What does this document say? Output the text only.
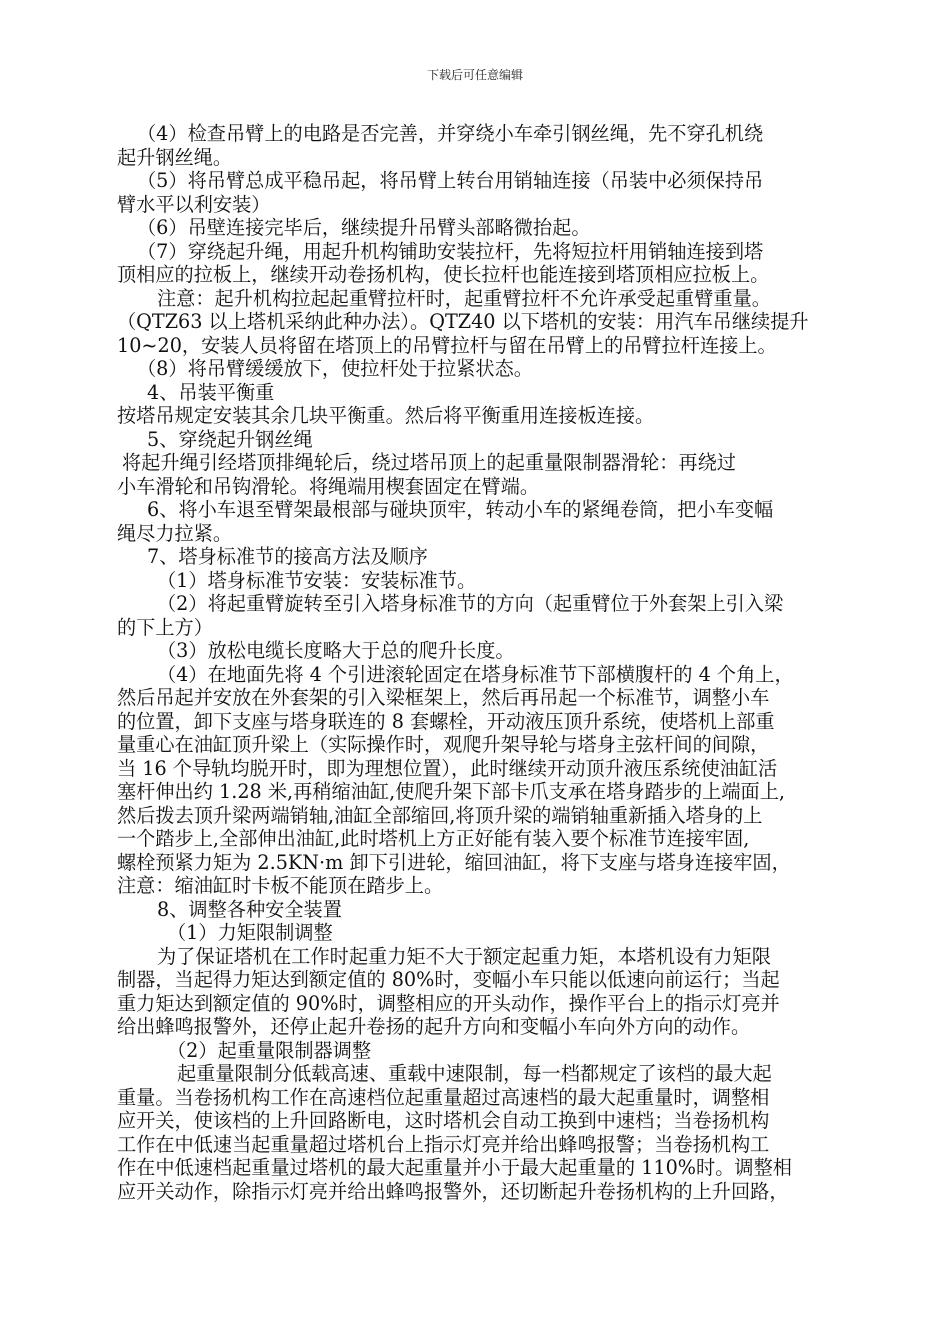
下载后可任意编辑
（4）检查吊臂上的电路是否完善，并穿绕小车牵引钢丝绳，先不穿孔机绕
起升钢丝绳。
（5）将吊臂总成平稳吊起，将吊臂上转台用销轴连接（吊装中必须保持吊
臂水平以利安装）
（6）吊壁连接完毕后，继续提升吊臂头部略微抬起。
（7）穿绕起升绳，用起升机构铺助安装拉杆，先将短拉杆用销轴连接到塔
顶相应的拉板上，继续开动卷扬机构，使长拉杆也能连接到塔顶相应拉板上。
注意：起升机构拉起起重臂拉杆时，起重臂拉杆不允许承受起重臂重量。
（QTZ63 以上塔机采纳此种办法）。QTZ40 以下塔机的安装：用汽车吊继续提升
10~20，安装人员将留在塔顶上的吊臂拉杆与留在吊臂上的吊臂拉杆连接上。
（8）将吊臂缓缓放下，使拉杆处于拉紧状态。
4、吊装平衡重
按塔吊规定安装其余几块平衡重。然后将平衡重用连接板连接。
5、穿绕起升钢丝绳
将起升绳引经塔顶排绳轮后，绕过塔吊顶上的起重量限制器滑轮：再绕过
小车滑轮和吊钩滑轮。将绳端用楔套固定在臂端。
6、将小车退至臂架最根部与碰块顶牢，转动小车的紧绳卷筒，把小车变幅
绳尽力拉紧。
7、塔身标准节的接高方法及顺序
（1）塔身标准节安装：安装标准节。
（2）将起重臂旋转至引入塔身标准节的方向（起重臂位于外套架上引入梁
的下上方）
（3）放松电缆长度略大于总的爬升长度。
（4）在地面先将 4 个引进滚轮固定在塔身标准节下部横腹杆的 4 个角上，
然后吊起并安放在外套架的引入梁框架上，然后再吊起一个标准节，调整小车
的位置，卸下支座与塔身联连的 8 套螺栓，开动液压顶升系统，使塔机上部重
量重心在油缸顶升梁上（实际操作时，观爬升架导轮与塔身主弦杆间的间隙，
当 16 个导轨均脱开时，即为理想位置），此时继续开动顶升液压系统使油缸活
塞杆伸出约 1.28 米,再稍缩油缸,使爬升架下部卡爪支承在塔身踏步的上端面上,
然后拨去顶升梁两端销轴,油缸全部缩回,将顶升梁的端销轴重新插入塔身的上
一个踏步上,全部伸出油缸,此时塔机上方正好能有装入要个标准节连接牢固,
螺栓预紧力矩为 2.5KN·m 卸下引进轮，缩回油缸，将下支座与塔身连接牢固，
注意：缩油缸时卡板不能顶在踏步上。
8、调整各种安全装置
（1）力矩限制调整
为了保证塔机在工作时起重力矩不大于额定起重力矩，本塔机设有力矩限
制器，当起得力矩达到额定值的 80%时，变幅小车只能以低速向前运行；当起
重力矩达到额定值的 90%时，调整相应的开头动作，操作平台上的指示灯亮并
给出蜂鸣报警外，还停止起升卷扬的起升方向和变幅小车向外方向的动作。
（2）起重量限制器调整
起重量限制分低载高速、重载中速限制，每一档都规定了该档的最大起
重量。当卷扬机构工作在高速档位起重量超过高速档的最大起重量时，调整相
应开关，使该档的上升回路断电，这时塔机会自动工换到中速档；当卷扬机构
工作在中低速当起重量超过塔机台上指示灯亮并给出蜂鸣报警；当卷扬机构工
作在中低速档起重量过塔机的最大起重量并小于最大起重量的 110%时。调整相
应开关动作，除指示灯亮并给出蜂鸣报警外，还切断起升卷扬机构的上升回路，
